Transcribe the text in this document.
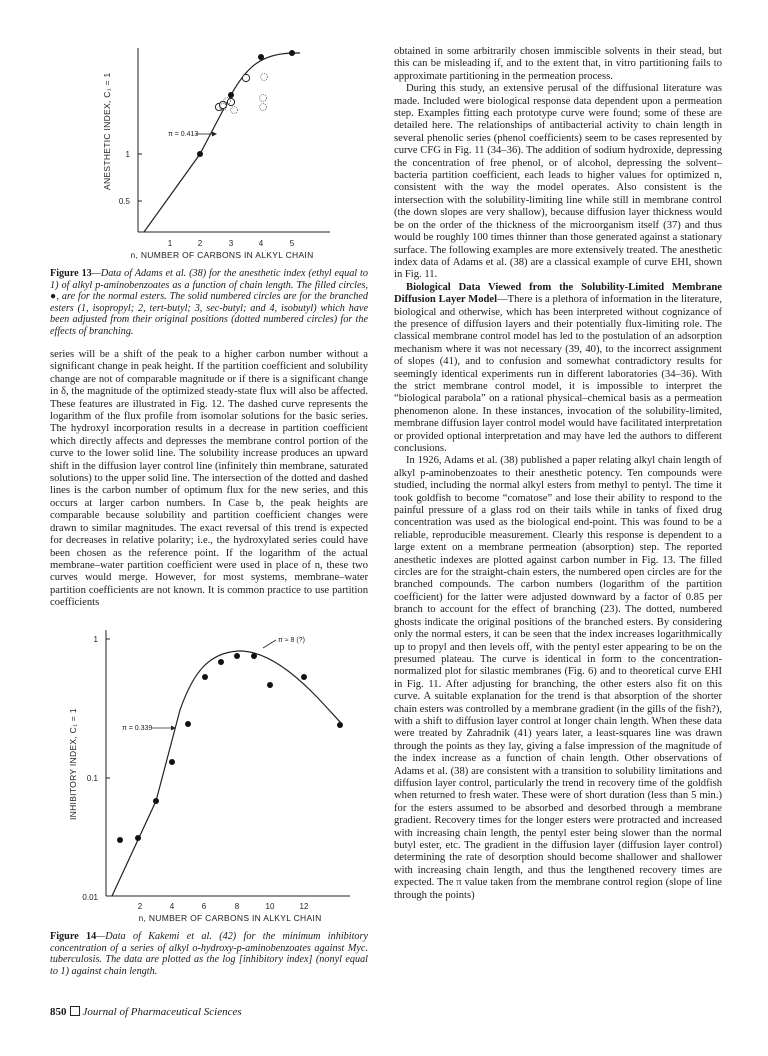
ANESTHETIC INDEX, C₁ = 1 1
0.5
1	2	3	4	5
n, NUMBER OF CARBONS IN ALKYL CHAIN
π = 0.413
Figure 13—Data of Adams et al. (38) for the anesthetic index (ethyl equal to 1) of alkyl p-aminobenzoates as a function of chain length. The filled circles, ●, are for the normal esters. The solid numbered circles are for the branched esters (1, isopropyl; 2, tert-butyl; 3, sec-butyl; and 4, isobutyl) which have been adjusted from their original positions (dotted numbered circles) for the effects of branching.

series will be a shift of the peak to a higher carbon number without a significant change in peak height. If the partition coefficient and solubility change are not of comparable magnitude or if there is a significant change in δ, the magnitude of the optimized steady-state flux will also be affected. These features are illustrated in Fig. 12. The dashed curve represents the logarithm of the flux profile from isomolar solutions for the basic series. The hydroxyl incorporation results in a decrease in partition coefficient which directly affects and depresses the membrane control portion of the curve to the lower solid line. The solubility increase produces an upward shift in the diffusion layer control line (infinitely thin membrane, saturated solutions) to the upper solid line. The intersection of the dotted and dashed lines is the carbon number of optimum flux for the new series, and this occurs at larger carbon numbers. In Case b, the peak heights are comparable because solubility and partition coefficient changes were drawn to similar magnitudes. The exact reversal of this trend is expected for decreases in relative polarity; i.e., the hydroxylated series could have been chosen as the reference point. If the logarithm of the actual membrane–water partition coefficient were used in place of n, these two curves would merge. However, for most systems, membrane–water partition coefficients are not known. It is common practice to use partition coefficients

INHIBITORY INDEX, C₁ = 1
1
0.1
0.01
2	4	6	8	10	12
n, NUMBER OF CARBONS IN ALKYL CHAIN
π = 0.339
π ≈ 8 (?)
Figure 14—Data of Kakemi et al. (42) for the minimum inhibitory concentration of a series of alkyl o-hydroxy-p-aminobenzoates against Myc. tuberculosis. The data are plotted as the log [inhibitory index] (nonyl equal to 1) against chain length.

obtained in some arbitrarily chosen immiscible solvents in their stead, but this can be misleading if, and to the extent that, in vitro partitioning fails to approximate partitioning in the permeation process.

During this study, an extensive perusal of the diffusional literature was made. Included were biological response data dependent upon a permeation step. Examples fitting each prototype curve were found; some of these are detailed here. The relationships of antibacterial activity to chain length in several phenolic series (phenol coefficients) seem to be cases represented by curve CFG in Fig. 11 (34–36). The addition of sodium hydroxide, depressing the concentration of free phenol, or of alcohol, depressing the solvent–bacteria partition coefficient, each leads to higher values for optimized n, consistent with the way the model operates. Also consistent is the intersection with the solubility-limiting line while still in membrane control (the down slopes are very shallow), because diffusion layer thickness would be on the order of the thickness of the microorganism itself (37) and thus would be roughly 100 times thinner than those generated against a stationary surface. The following examples are more extensively treated. The anesthetic index data of Adams et al. (38) are a classical example of curve EHI, shown in Fig. 11.

Biological Data Viewed from the Solubility-Limited Membrane Diffusion Layer Model—There is a plethora of information in the literature, biological and otherwise, which has been interpreted without cognizance of the presence of diffusion layers and their potentially flux-limiting role. The classical membrane control model has led to the postulation of an adsorption mechanism where it was not necessary (39, 40), to the incorrect assignment of slopes (41), and to confusion and somewhat contradictory results for seemingly identical experiments run in different laboratories (34–36). With the strict membrane control model, it is impossible to interpret the “biological parabola” on a rational physical–chemical basis as a permeation phenomenon alone. In these instances, invocation of the solubility-limited, membrane diffusion layer control model would have facilitated interpretation or provided optional interpretation and may have led the authors to different conclusions.

In 1926, Adams et al. (38) published a paper relating alkyl chain length of alkyl p-aminobenzoates to their anesthetic potency. Ten compounds were studied, including the normal alkyl esters from methyl to pentyl. The time it took goldfish to become “comatose” and lose their ability to respond to the painful pressure of a glass rod on their tails while in tanks of fixed drug concentration was used as the biological end-point. This was found to be a reliable, reproducible measurement. Clearly this response is dependent to a large extent on a membrane permeation (absorption) step. The reported anesthetic indexes are plotted against carbon number in Fig. 13. The filled circles are for the straight-chain esters, the numbered open circles are for the branched compounds. The carbon numbers (logarithm of the partition coefficient) for the latter were adjusted downward by a factor of 0.85 per branch to account for the effect of branching (23). The dotted, numbered ghosts indicate the original positions of the branched esters. By considering only the normal esters, it can be seen that the index increases logarithmically up to propyl and then levels off, with the pentyl ester appearing to be on the presumed plateau. The curve is identical in form to the concentration-normalized plot for silastic membranes (Fig. 6) and to theoretical curve EHI in Fig. 11. After adjusting for branching, the other esters also fit on this curve. A suitable explanation for the trend is that absorption of the shorter chain esters was controlled by a membrane gradient (in the gills of the fish?), with a shift to diffusion layer control at longer chain length. When these data were treated by Zahradnik (41) years later, a least-squares line was drawn through the points as they lay, giving a false impression of the magnitude of the index increase as a function of chain length. Other observations of Adams et al. (38) are consistent with a transition to solubility limitations and diffusion layer control, particularly the trend in recovery time of the goldfish when returned to fresh water. These were of short duration (less than 5 min.) for the esters assumed to be absorbed and desorbed through a membrane gradient. Recovery times for the longer esters were protracted and increased with increasing chain length, the pentyl ester being slower than the normal butyl ester, etc. The gradient in the diffusion layer (diffusion layer control) determining the rate of desorption should become shallower and shallower with increasing chain length, and thus the lengthened recovery times are expected. The π value taken from the membrane control region (slope of line through the points)

850 Journal of Pharmaceutical Sciences
